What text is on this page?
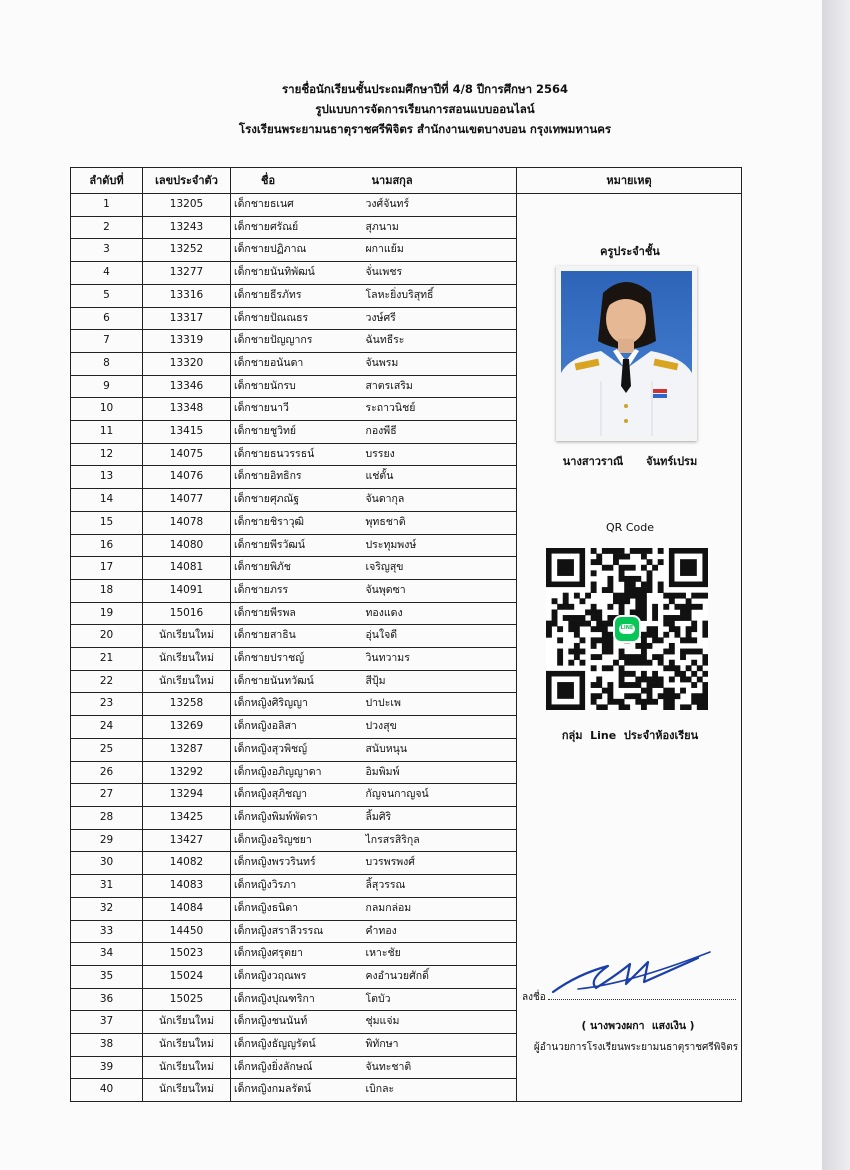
รายชื่อนักเรียนชั้นประถมศึกษาปีที่ 4/8 ปีการศึกษา 2564
รูปแบบการจัดการเรียนการสอนแบบออนไลน์
โรงเรียนพระยามนธาตุราชศรีพิจิตร สำนักงานเขตบางบอน กรุงเทพมหานคร
ลำดับที่	เลขประจำตัว	ชื่อ	นามสกุล	หมายเหตุ
1	13205	เด็กชายธเนศ	วงศ์จันทร์	
2	13243	เด็กชายศรัณย์	สุภนาม	
3	13252	เด็กชายปฏิภาณ	ผกาแย้ม	
4	13277	เด็กชายนันทิพัฒน์	จั่นเพชร	
5	13316	เด็กชายธีรภัทร	โลหะยิ่งบริสุทธิ์	
6	13317	เด็กชายปัณณธร	วงษ์ศรี	
7	13319	เด็กชายปัญญากร	ฉันทธีระ	
8	13320	เด็กชายอนันดา	จันพรม	
9	13346	เด็กชายนักรบ	สาตรเสริม	
10	13348	เด็กชายนาวี	ระถาวนิชย์	
11	13415	เด็กชายชูวิทย์	กองพีธี	
12	14075	เด็กชายธนวรรธน์	บรรยง	
13	14076	เด็กชายอิทธิกร	แช่ตั้น	
14	14077	เด็กชายศุภณัฐ	จันดากุล	
15	14078	เด็กชายชิราวุฒิ	พุทธชาติ	
16	14080	เด็กชายพีรวัฒน์	ประทุมพงษ์	
17	14081	เด็กชายพิภัช	เจริญสุข	
18	14091	เด็กชายภรร	จันพุดซา	
19	15016	เด็กชายพีรพล	ทองแดง	
20	นักเรียนใหม่	เด็กชายสาธิน	อุ่นใจดี	
21	นักเรียนใหม่	เด็กชายปราชญ์	วินทวามร	
22	นักเรียนใหม่	เด็กชายนันทวัฒน์	สีปุ้ม	
23	13258	เด็กหญิงศิริญญา	ปาปะเพ	
24	13269	เด็กหญิงอลิสา	ปวงสุข	
25	13287	เด็กหญิงสุวพิชญ์	สนับหนุน	
26	13292	เด็กหญิงอภิญญาดา	อิมพิมพ์	
27	13294	เด็กหญิงสุภิชญา	กัญจนกาญจน์	
28	13425	เด็กหญิงพิมพ์พัดรา	ลิ้มศิริ	
29	13427	เด็กหญิงอริญชยา	ไกรสรสิริกุล	
30	14082	เด็กหญิงพรวรินทร์	บวรพรพงศ์	
31	14083	เด็กหญิงวิรภา	ลิ้สุวรรณ	
32	14084	เด็กหญิงธนิดา	กลมกล่อม	
33	14450	เด็กหญิงสราลีวรรณ	คำทอง	
34	15023	เด็กหญิงศรุตยา	เหาะชัย	
35	15024	เด็กหญิงวฤณพร	คงอำนวยศักดิ์	
36	15025	เด็กหญิงปุณฑริกา	โตบัว	
37	นักเรียนใหม่	เด็กหญิงชนนันท์	ชุ่มแจ่ม	
38	นักเรียนใหม่	เด็กหญิงธัญญรัตน์	พิทักษา	
39	นักเรียนใหม่	เด็กหญิงยิ่งลักษณ์	จันทะชาติ	
40	นักเรียนใหม่	เด็กหญิงกมลรัตน์	เบิกละ	
ครูประจำชั้น
นางสาวราณี      จันทร์เปรม
QR Code
LINE
กลุ่ม  Line  ประจำห้องเรียน
ลงชื่อ
( นางพวงผกา  แสงเงิน )
ผู้อำนวยการโรงเรียนพระยามนธาตุราชศรีพิจิตร
